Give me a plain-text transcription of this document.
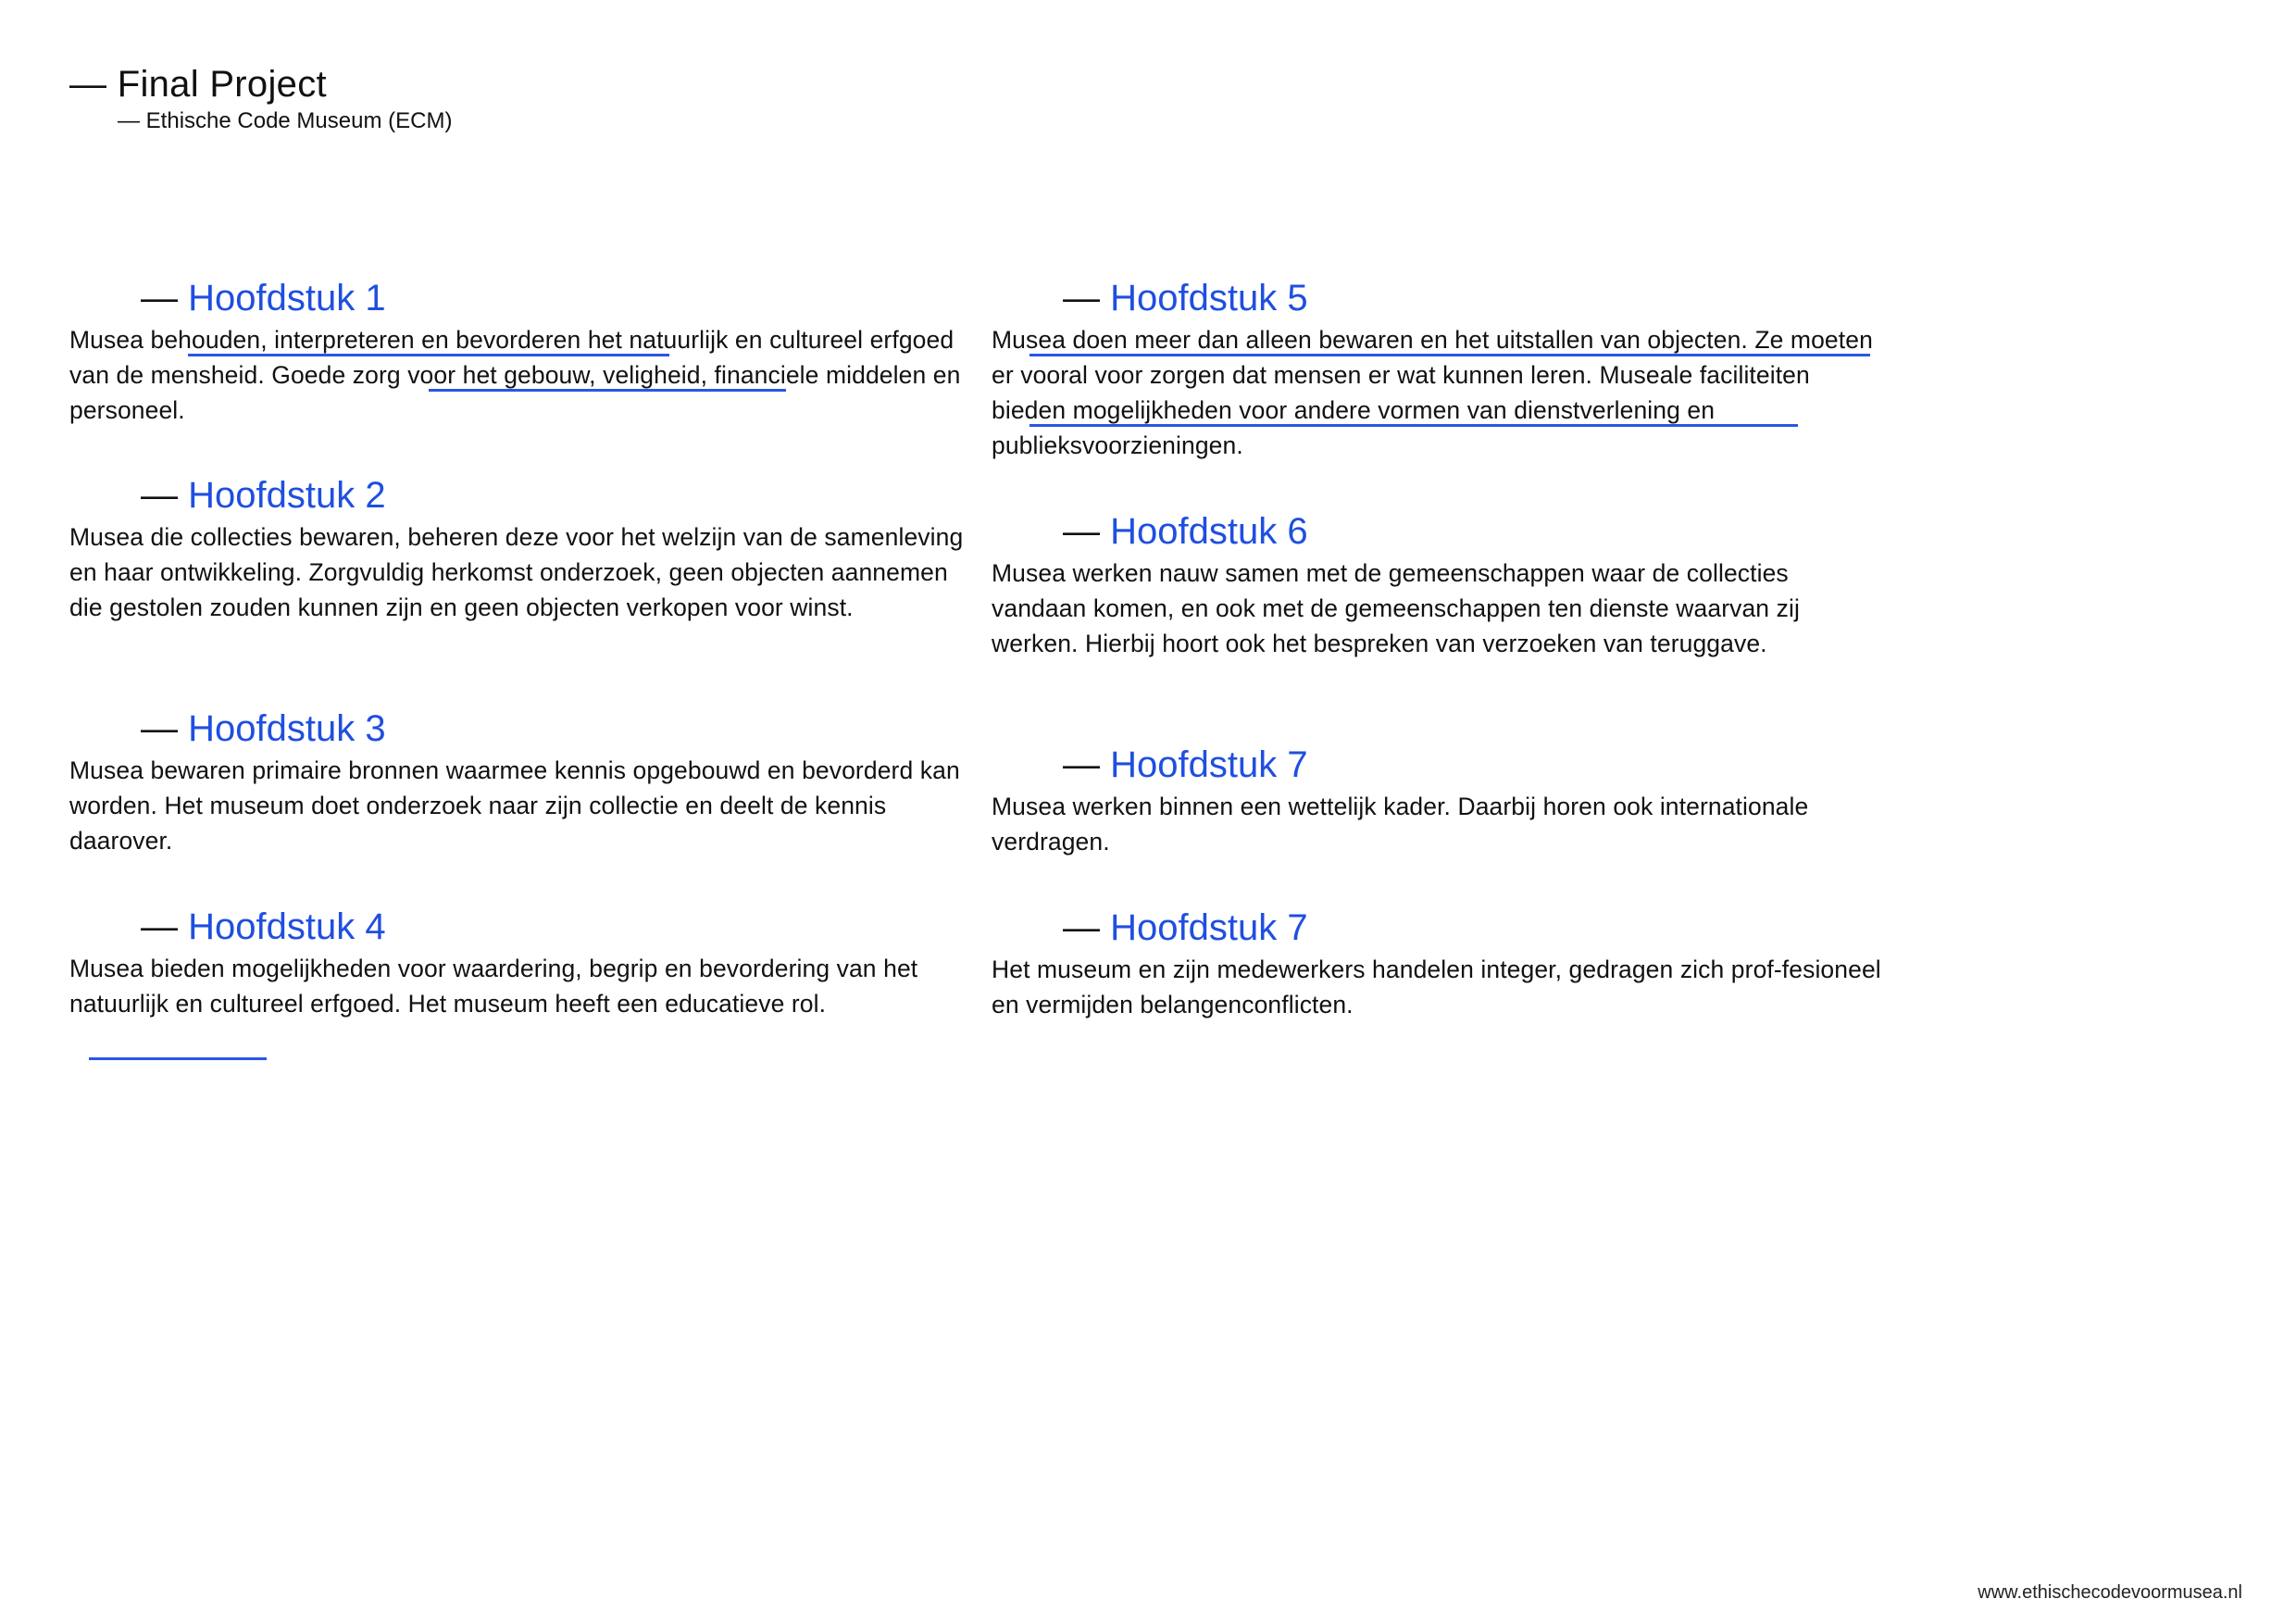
— Final Project
— Ethische Code Museum (ECM)
— Hoofdstuk 1

Musea behouden, interpreteren en bevorderen het natuurlijk en cultureel erfgoed van de mensheid. Goede zorg voor het gebouw, veligheid, financiele middelen en personeel.

— Hoofdstuk 2

Musea die collecties bewaren, beheren deze voor het welzijn van de samenleving en haar ontwikkeling. Zorgvuldig herkomst onderzoek, geen objecten aannemen die gestolen zouden kunnen zijn en geen objecten verkopen voor winst.

— Hoofdstuk 3

Musea bewaren primaire bronnen waarmee kennis opgebouwd en bevorderd kan worden. Het museum doet onderzoek naar zijn collectie en deelt de kennis daarover.

— Hoofdstuk 4

Musea bieden mogelijkheden voor waardering, begrip en bevordering van het natuurlijk en cultureel erfgoed. Het museum heeft een educatieve rol.

— Hoofdstuk 5

Musea doen meer dan alleen bewaren en het uitstallen van objecten. Ze moeten er vooral voor zorgen dat mensen er wat kunnen leren. Museale faciliteiten bieden mogelijkheden voor andere vormen van dienstverlening en publieksvoorzieningen.

— Hoofdstuk 6

Musea werken nauw samen met de gemeenschappen waar de collecties vandaan komen, en ook met de gemeenschappen ten dienste waarvan zij werken. Hierbij hoort ook het bespreken van verzoeken van teruggave.

— Hoofdstuk 7

Musea werken binnen een wettelijk kader. Daarbij horen ook internationale verdragen.

— Hoofdstuk 7

Het museum en zijn medewerkers handelen integer, gedragen zich prof-fesioneel en vermijden belangenconflicten.

www.ethischecodevoormusea.nl
